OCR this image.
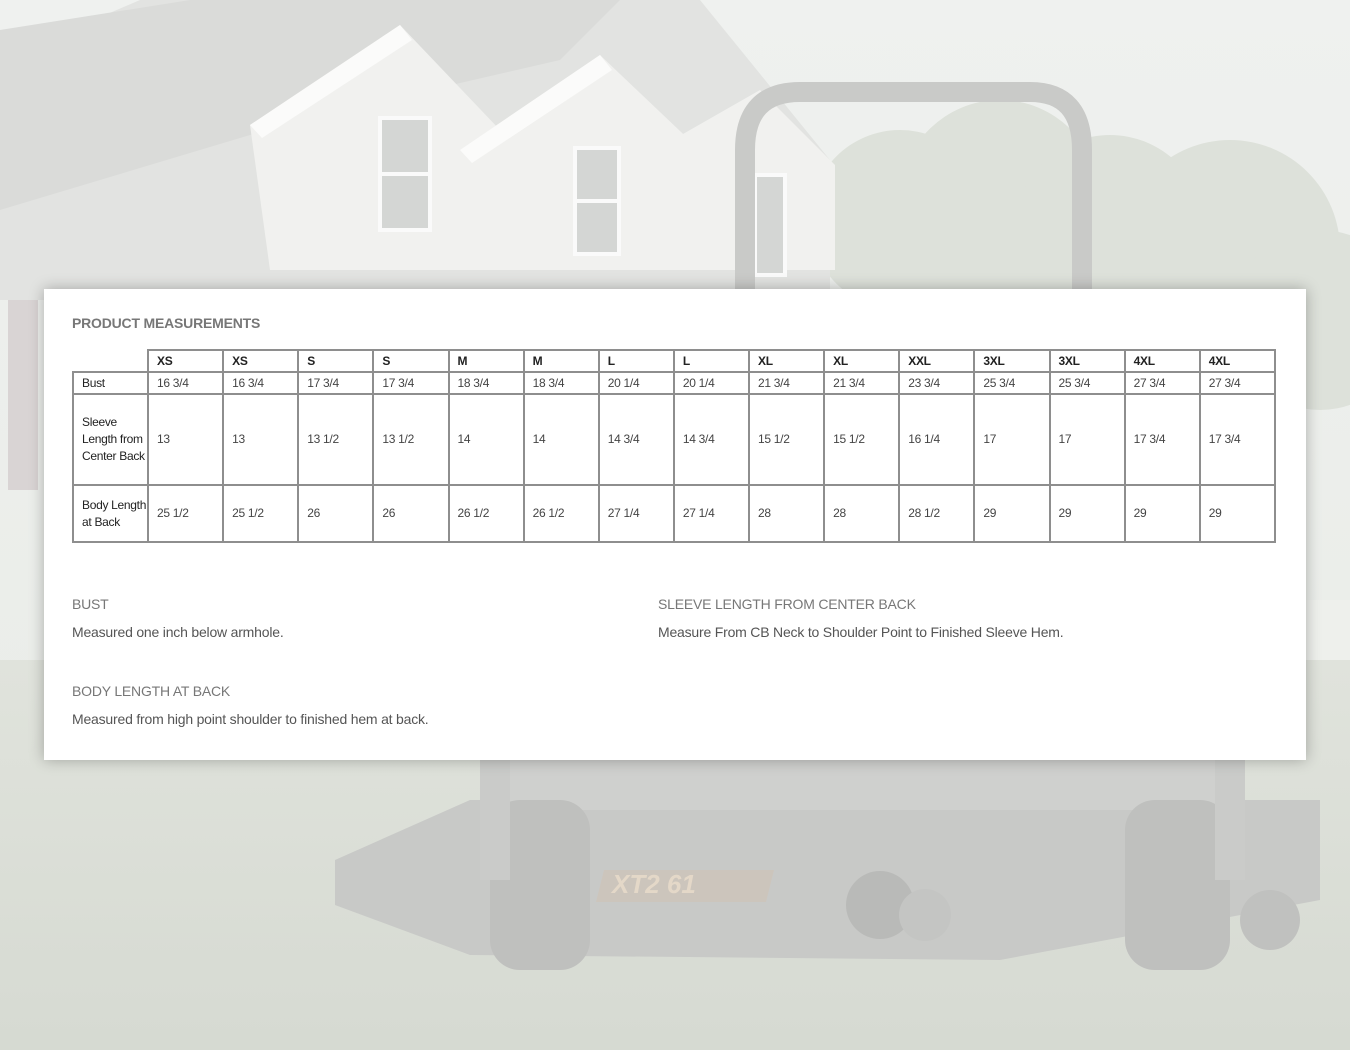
XT2 61
PRODUCT MEASUREMENTS
	XS	XS	S	S	M	M	L	L	XL	XL	XXL	3XL	3XL	4XL	4XL
Bust	16 3/4	16 3/4	17 3/4	17 3/4	18 3/4	18 3/4	20 1/4	20 1/4	21 3/4	21 3/4	23 3/4	25 3/4	25 3/4	27 3/4	27 3/4
Sleeve Length from Center Back	13	13	13 1/2	13 1/2	14	14	14 3/4	14 3/4	15 1/2	15 1/2	16 1/4	17	17	17 3/4	17 3/4
Body Length at Back	25 1/2	25 1/2	26	26	26 1/2	26 1/2	27 1/4	27 1/4	28	28	28 1/2	29	29	29	29

BUST

Measured one inch below armhole.

SLEEVE LENGTH FROM CENTER BACK

Measure From CB Neck to Shoulder Point to Finished Sleeve Hem.

BODY LENGTH AT BACK

Measured from high point shoulder to finished hem at back.
